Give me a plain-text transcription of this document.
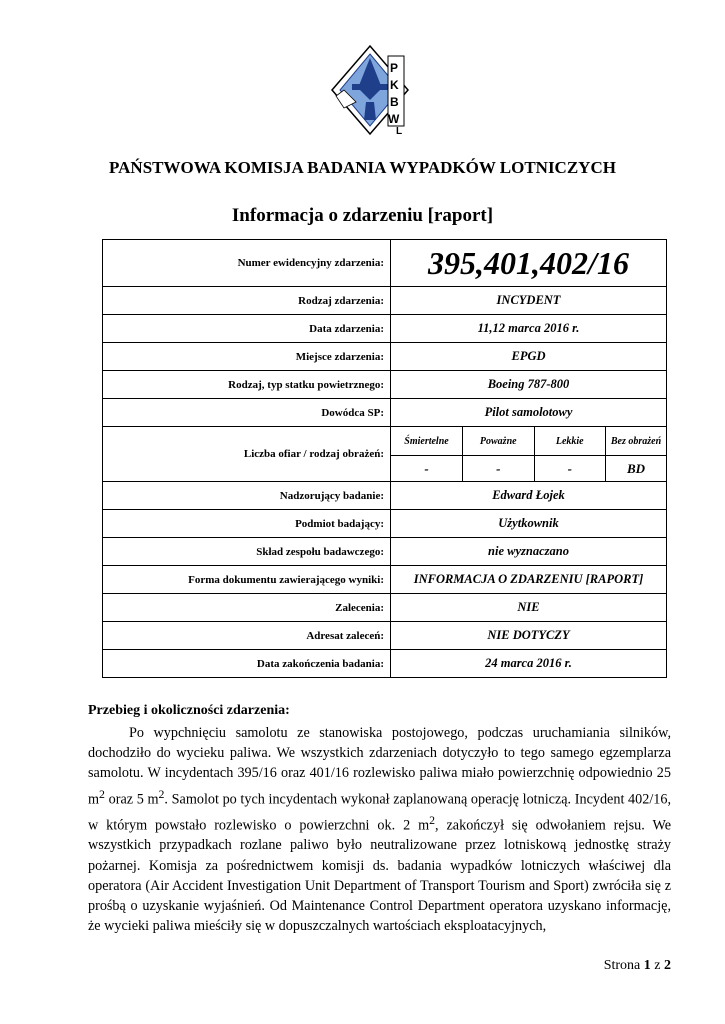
P
K
B
W
L
PAŃSTWOWA KOMISJA BADANIA WYPADKÓW LOTNICZYCH
Informacja o zdarzeniu [raport]
Numer ewidencyjny zdarzenia:	395,401,402/16
Rodzaj zdarzenia:	INCYDENT
Data zdarzenia:	11,12 marca 2016 r.
Miejsce zdarzenia:	EPGD
Rodzaj, typ statku powietrznego:	Boeing 787-800
Dowódca SP:	Pilot samolotowy
Liczba ofiar / rodzaj obrażeń:	
Śmiertelne	Poważne	Lekkie	Bez obrażeń
-	-	-	BD

Nadzorujący badanie:	Edward Łojek
Podmiot badający:	Użytkownik
Skład zespołu badawczego:	nie wyznaczano
Forma dokumentu zawierającego wyniki:	INFORMACJA O ZDARZENIU [RAPORT]
Zalecenia:	NIE
Adresat zaleceń:	NIE DOTYCZY
Data zakończenia badania:	24 marca 2016 r.
Przebieg i okoliczności zdarzenia:

Po wypchnięciu samolotu ze stanowiska postojowego, podczas uruchamiania silników, dochodziło do wycieku paliwa. We wszystkich zdarzeniach dotyczyło to tego samego egzemplarza samolotu. W incydentach 395/16 oraz 401/16 rozlewisko paliwa miało powierzchnię odpowiednio 25 $m^2$ oraz 5 $m^2$. Samolot po tych incydentach wykonał zaplanowaną operację lotniczą. Incydent 402/16, w którym powstało rozlewisko o powierzchni ok. 2 $m^2$, zakończył się odwołaniem rejsu. We wszystkich przypadkach rozlane paliwo było neutralizowane przez lotniskową jednostkę straży pożarnej. Komisja za pośrednictwem komisji ds. badania wypadków lotniczych właściwej dla operatora (Air Accident Investigation Unit Department of Transport Tourism and Sport) zwróciła się z prośbą o uzyskanie wyjaśnień. Od Maintenance Control Department operatora uzyskano informację, że wycieki paliwa mieściły się w dopuszczalnych wartościach eksploatacyjnych,

Strona 1 z 2
